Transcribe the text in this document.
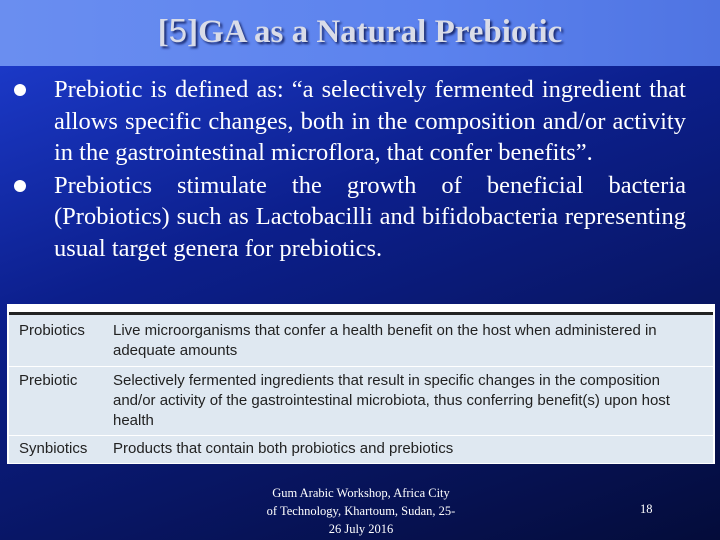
[5]GA as a Natural Prebiotic
Prebiotic is defined as: “a selectively fermented ingredient that allows specific changes, both in the composition and/or activity in the gastrointestinal microflora, that confer benefits”.
Prebiotics stimulate the growth of beneficial bacteria (Probiotics) such as Lactobacilli and bifidobacteria representing usual target genera for prebiotics.
Probiotics Live microorganisms that confer a health benefit on the host when administered in adequate amounts
Prebiotic Selectively fermented ingredients that result in specific changes in the composition and/or activity of the gastrointestinal microbiota, thus conferring benefit(s) upon host health
Synbiotics Products that contain both probiotics and prebiotics
Gum Arabic Workshop, Africa City
of Technology, Khartoum, Sudan, 25-
26 July 2016
18
